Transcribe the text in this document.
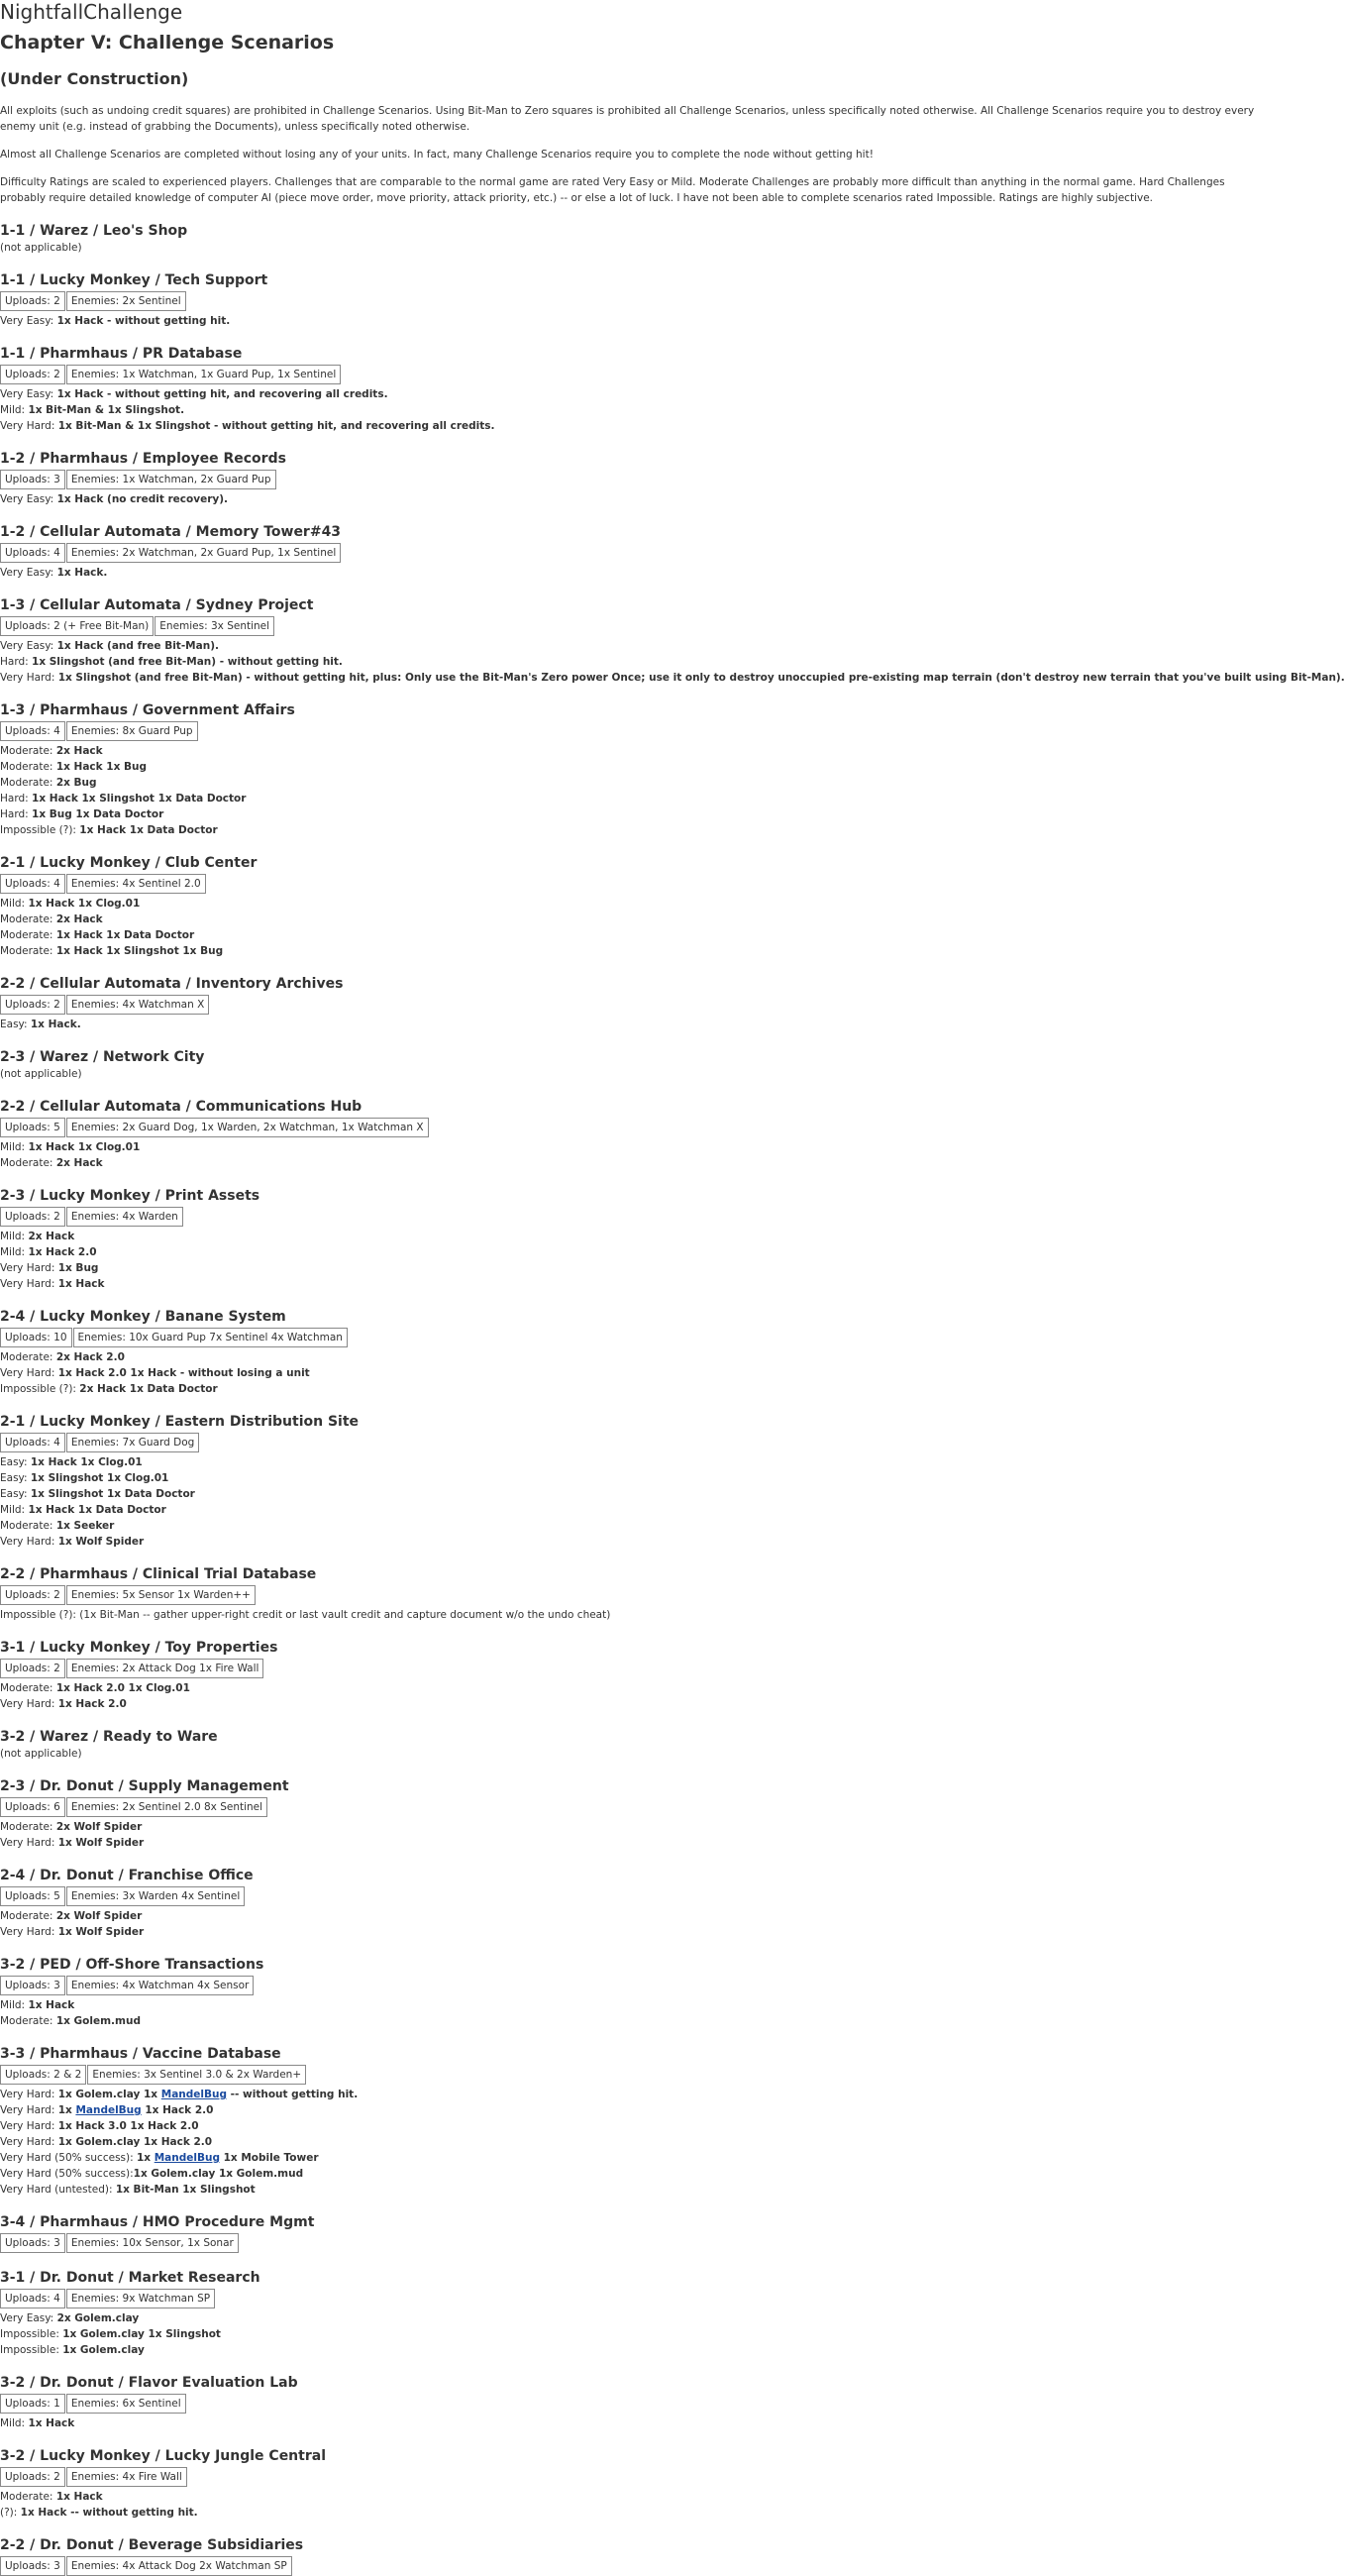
NightfallChallenge
Chapter V: Challenge Scenarios
(Under Construction)

All exploits (such as undoing credit squares) are prohibited in Challenge Scenarios. Using Bit-Man to Zero squares is prohibited all Challenge Scenarios, unless specifically noted otherwise. All Challenge Scenarios require you to destroy every enemy unit (e.g. instead of grabbing the Documents), unless specifically noted otherwise.

Almost all Challenge Scenarios are completed without losing any of your units. In fact, many Challenge Scenarios require you to complete the node without getting hit!

Difficulty Ratings are scaled to experienced players. Challenges that are comparable to the normal game are rated Very Easy or Mild. Moderate Challenges are probably more difficult than anything in the normal game. Hard Challenges probably require detailed knowledge of computer AI (piece move order, move priority, attack priority, etc.) -- or else a lot of luck. I have not been able to complete scenarios rated Impossible. Ratings are highly subjective.

1-1 / Warez / Leo's Shop
(not applicable)
1-1 / Lucky Monkey / Tech Support
Uploads: 2	Enemies: 2x Sentinel
Very Easy: 1x Hack - without getting hit.
1-1 / Pharmhaus / PR Database
Uploads: 2	Enemies: 1x Watchman, 1x Guard Pup, 1x Sentinel
Very Easy: 1x Hack - without getting hit, and recovering all credits.
Mild: 1x Bit-Man & 1x Slingshot.
Very Hard: 1x Bit-Man & 1x Slingshot - without getting hit, and recovering all credits.
1-2 / Pharmhaus / Employee Records
Uploads: 3	Enemies: 1x Watchman, 2x Guard Pup
Very Easy: 1x Hack (no credit recovery).
1-2 / Cellular Automata / Memory Tower#43
Uploads: 4	Enemies: 2x Watchman, 2x Guard Pup, 1x Sentinel
Very Easy: 1x Hack.
1-3 / Cellular Automata / Sydney Project
Uploads: 2 (+ Free Bit-Man)	Enemies: 3x Sentinel
Very Easy: 1x Hack (and free Bit-Man).
Hard: 1x Slingshot (and free Bit-Man) - without getting hit.
Very Hard: 1x Slingshot (and free Bit-Man) - without getting hit, plus: Only use the Bit-Man's Zero power Once; use it only to destroy unoccupied pre-existing map terrain (don't destroy new terrain that you've built using Bit-Man).
1-3 / Pharmhaus / Government Affairs
Uploads: 4	Enemies: 8x Guard Pup
Moderate: 2x Hack
Moderate: 1x Hack 1x Bug
Moderate: 2x Bug
Hard: 1x Hack 1x Slingshot 1x Data Doctor
Hard: 1x Bug 1x Data Doctor
Impossible (?): 1x Hack 1x Data Doctor
2-1 / Lucky Monkey / Club Center
Uploads: 4	Enemies: 4x Sentinel 2.0
Mild: 1x Hack 1x Clog.01
Moderate: 2x Hack
Moderate: 1x Hack 1x Data Doctor
Moderate: 1x Hack 1x Slingshot 1x Bug
2-2 / Cellular Automata / Inventory Archives
Uploads: 2	Enemies: 4x Watchman X
Easy: 1x Hack.
2-3 / Warez / Network City
(not applicable)
2-2 / Cellular Automata / Communications Hub
Uploads: 5	Enemies: 2x Guard Dog, 1x Warden, 2x Watchman, 1x Watchman X
Mild: 1x Hack 1x Clog.01
Moderate: 2x Hack
2-3 / Lucky Monkey / Print Assets
Uploads: 2	Enemies: 4x Warden
Mild: 2x Hack
Mild: 1x Hack 2.0
Very Hard: 1x Bug
Very Hard: 1x Hack
2-4 / Lucky Monkey / Banane System
Uploads: 10	Enemies: 10x Guard Pup 7x Sentinel 4x Watchman
Moderate: 2x Hack 2.0
Very Hard: 1x Hack 2.0 1x Hack - without losing a unit
Impossible (?): 2x Hack 1x Data Doctor
2-1 / Lucky Monkey / Eastern Distribution Site
Uploads: 4	Enemies: 7x Guard Dog
Easy: 1x Hack 1x Clog.01
Easy: 1x Slingshot 1x Clog.01
Easy: 1x Slingshot 1x Data Doctor
Mild: 1x Hack 1x Data Doctor
Moderate: 1x Seeker
Very Hard: 1x Wolf Spider
2-2 / Pharmhaus / Clinical Trial Database
Uploads: 2	Enemies: 5x Sensor 1x Warden++
Impossible (?): (1x Bit-Man -- gather upper-right credit or last vault credit and capture document w/o the undo cheat)
3-1 / Lucky Monkey / Toy Properties
Uploads: 2	Enemies: 2x Attack Dog 1x Fire Wall
Moderate: 1x Hack 2.0 1x Clog.01
Very Hard: 1x Hack 2.0
3-2 / Warez / Ready to Ware
(not applicable)
2-3 / Dr. Donut / Supply Management
Uploads: 6	Enemies: 2x Sentinel 2.0 8x Sentinel
Moderate: 2x Wolf Spider
Very Hard: 1x Wolf Spider
2-4 / Dr. Donut / Franchise Office
Uploads: 5	Enemies: 3x Warden 4x Sentinel
Moderate: 2x Wolf Spider
Very Hard: 1x Wolf Spider
3-2 / PED / Off-Shore Transactions
Uploads: 3	Enemies: 4x Watchman 4x Sensor
Mild: 1x Hack
Moderate: 1x Golem.mud
3-3 / Pharmhaus / Vaccine Database
Uploads: 2 & 2	Enemies: 3x Sentinel 3.0 & 2x Warden+
Very Hard: 1x Golem.clay 1x MandelBug -- without getting hit.
Very Hard: 1x MandelBug 1x Hack 2.0
Very Hard: 1x Hack 3.0 1x Hack 2.0
Very Hard: 1x Golem.clay 1x Hack 2.0
Very Hard (50% success): 1x MandelBug 1x Mobile Tower
Very Hard (50% success):1x Golem.clay 1x Golem.mud
Very Hard (untested): 1x Bit-Man 1x Slingshot
3-4 / Pharmhaus / HMO Procedure Mgmt
Uploads: 3	Enemies: 10x Sensor, 1x Sonar
3-1 / Dr. Donut / Market Research
Uploads: 4	Enemies: 9x Watchman SP
Very Easy: 2x Golem.clay
Impossible: 1x Golem.clay 1x Slingshot
Impossible: 1x Golem.clay
3-2 / Dr. Donut / Flavor Evaluation Lab
Uploads: 1	Enemies: 6x Sentinel
Mild: 1x Hack
3-2 / Lucky Monkey / Lucky Jungle Central
Uploads: 2	Enemies: 4x Fire Wall
Moderate: 1x Hack
(?): 1x Hack -- without getting hit.
2-2 / Dr. Donut / Beverage Subsidiaries
Uploads: 3	Enemies: 4x Attack Dog 2x Watchman SP
